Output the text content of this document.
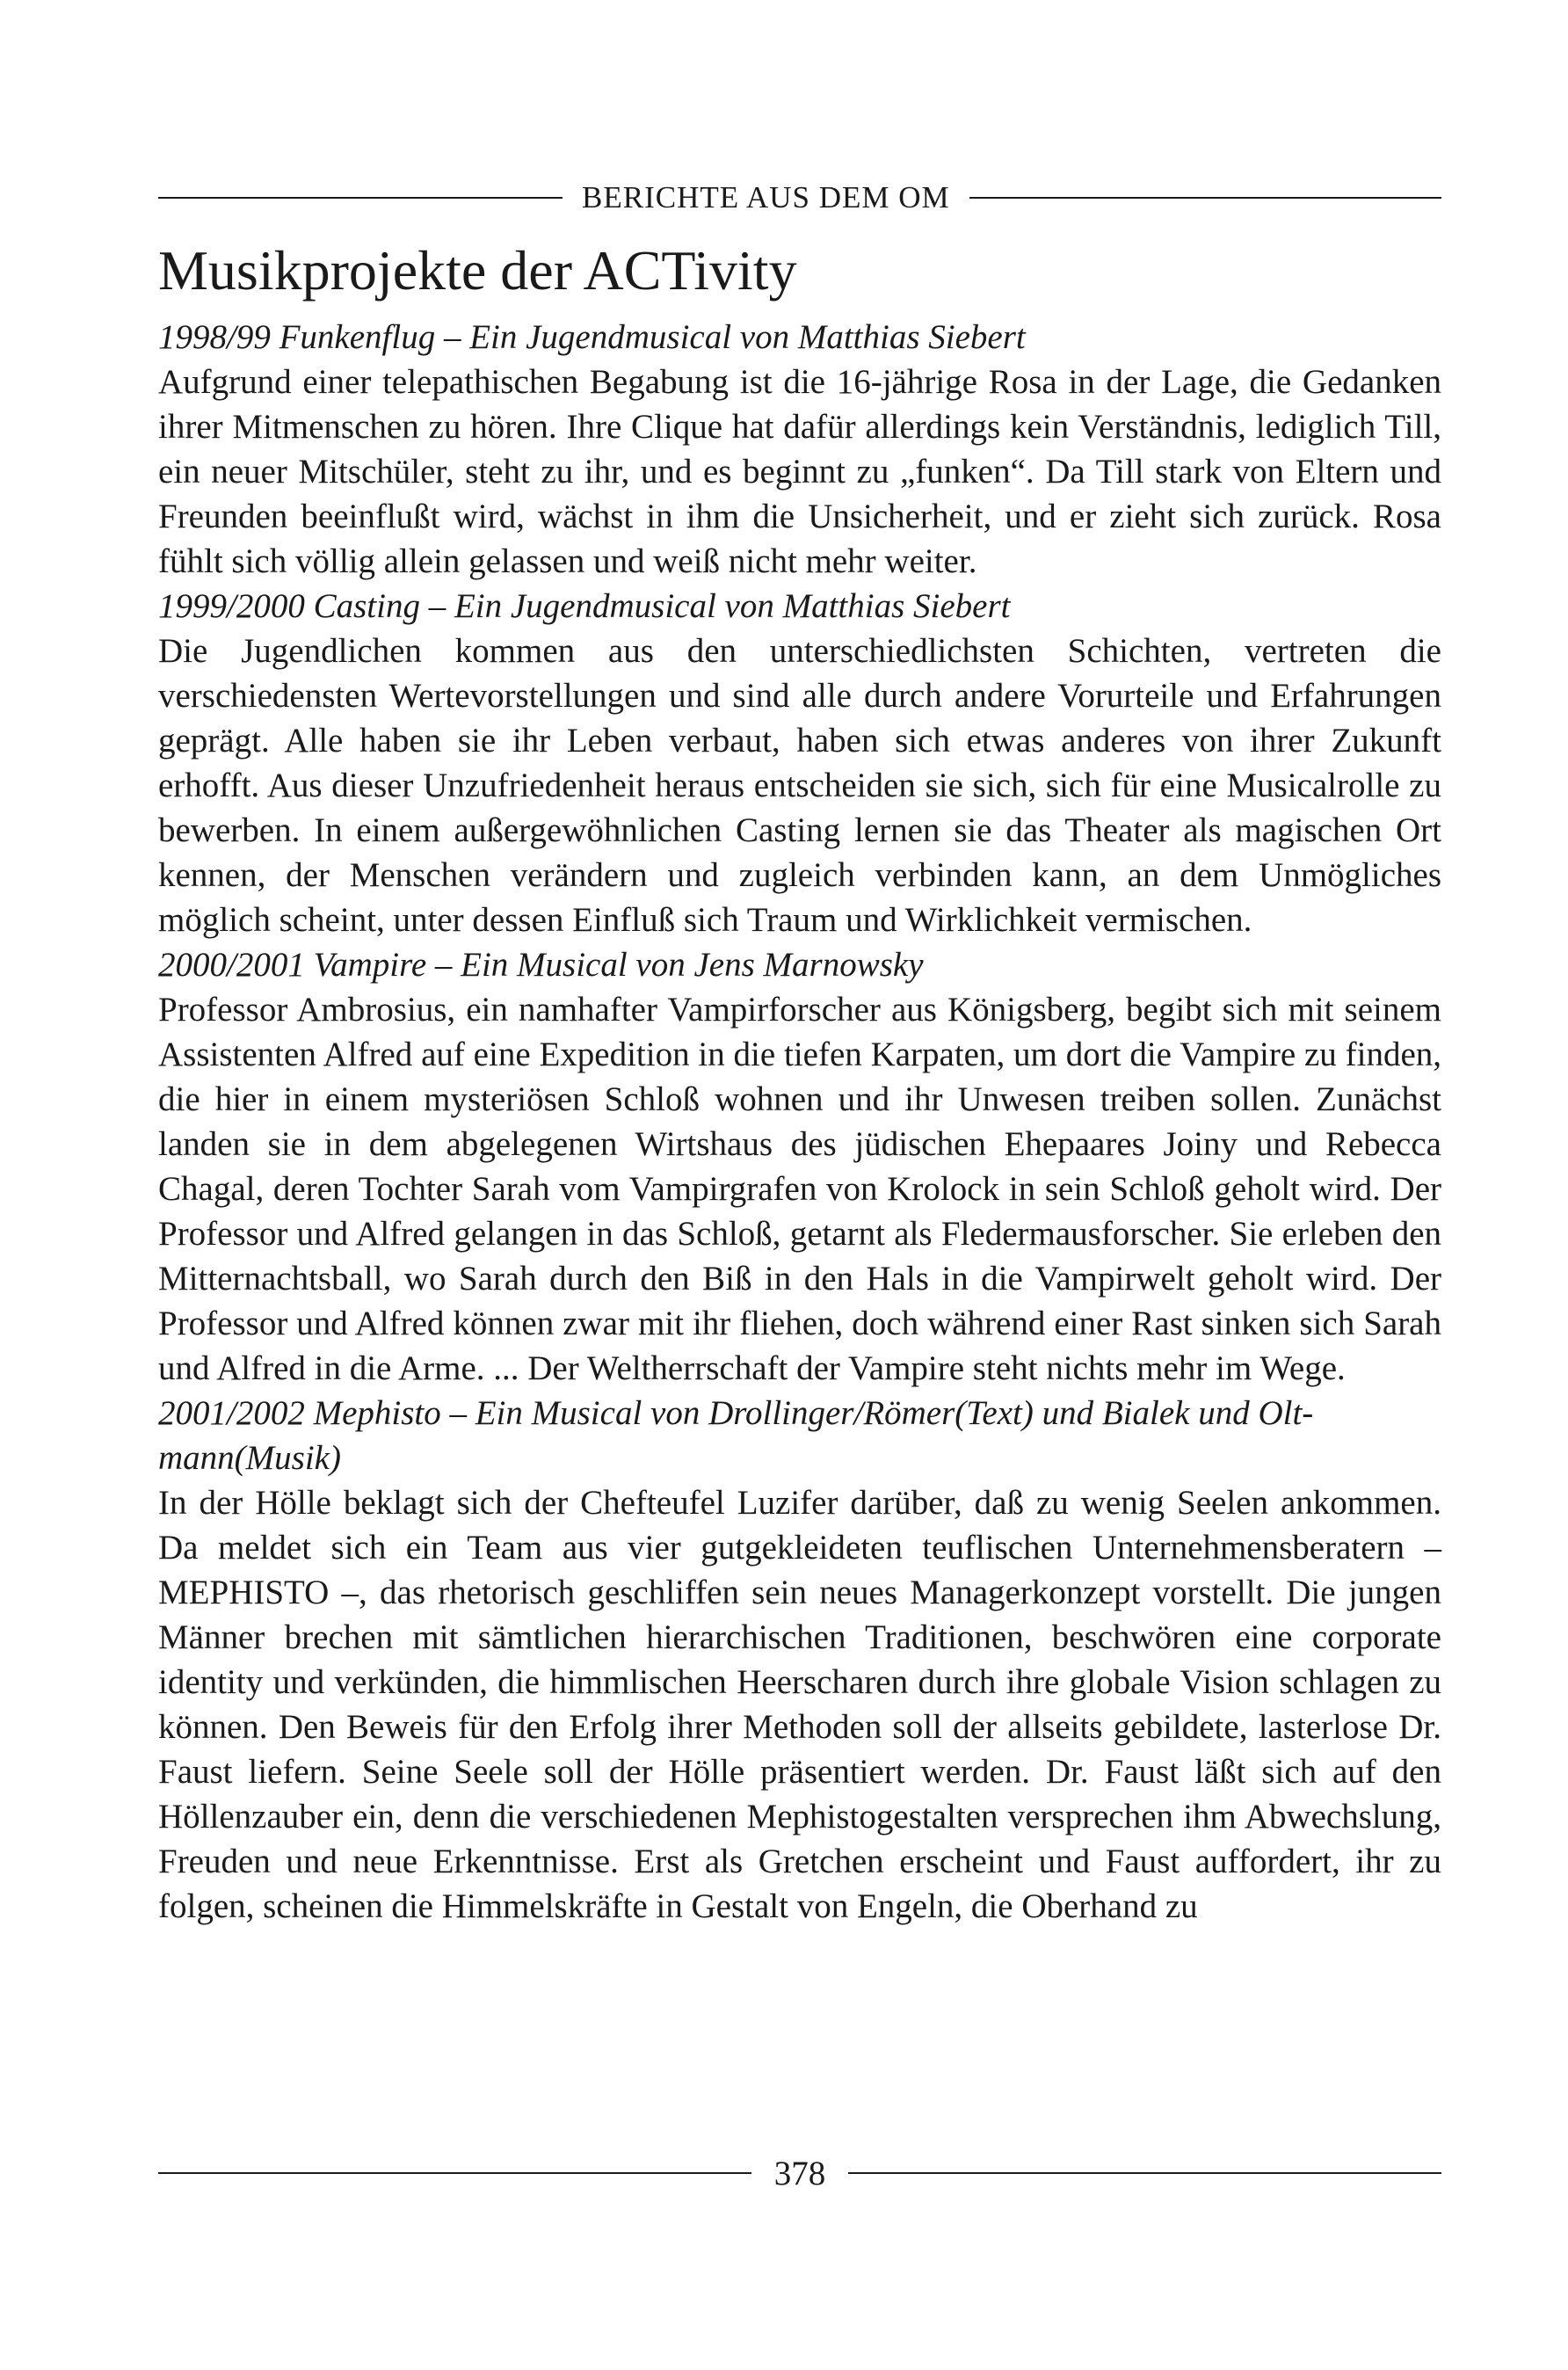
BERICHTE AUS DEM OM
Musikprojekte der ACTivity

1998/99 Funkenflug – Ein Jugendmusical von Matthias Siebert

Aufgrund einer telepathischen Begabung ist die 16-jährige Rosa in der Lage, die Gedanken ihrer Mitmenschen zu hören. Ihre Clique hat dafür allerdings kein Verständnis, lediglich Till, ein neuer Mitschüler, steht zu ihr, und es beginnt zu „funken“. Da Till stark von Eltern und Freunden beeinflußt wird, wächst in ihm die Unsicherheit, und er zieht sich zurück. Rosa fühlt sich völlig allein gelassen und weiß nicht mehr weiter.

1999/2000 Casting – Ein Jugendmusical von Matthias Siebert

Die Jugendlichen kommen aus den unterschiedlichsten Schichten, vertreten die verschiedensten Wertevorstellungen und sind alle durch andere Vorurteile und Erfahrungen geprägt. Alle haben sie ihr Leben verbaut, haben sich etwas anderes von ihrer Zukunft erhofft. Aus dieser Unzufriedenheit heraus entscheiden sie sich, sich für eine Musicalrolle zu bewerben. In einem außergewöhnlichen Casting lernen sie das Theater als magischen Ort kennen, der Menschen verändern und zugleich verbinden kann, an dem Unmögliches möglich scheint, unter dessen Einfluß sich Traum und Wirklichkeit vermischen.

2000/2001 Vampire – Ein Musical von Jens Marnowsky

Professor Ambrosius, ein namhafter Vampirforscher aus Königsberg, begibt sich mit seinem Assistenten Alfred auf eine Expedition in die tiefen Karpaten, um dort die Vampire zu finden, die hier in einem mysteriösen Schloß wohnen und ihr Unwesen treiben sollen. Zunächst landen sie in dem abgelegenen Wirtshaus des jüdischen Ehepaares Joiny und Rebecca Chagal, deren Tochter Sarah vom Vampirgrafen von Krolock in sein Schloß geholt wird. Der Professor und Alfred gelangen in das Schloß, getarnt als Fledermausforscher. Sie erleben den Mitternachtsball, wo Sarah durch den Biß in den Hals in die Vampirwelt geholt wird. Der Professor und Alfred können zwar mit ihr fliehen, doch während einer Rast sinken sich Sarah und Alfred in die Arme. ... Der Weltherrschaft der Vampire steht nichts mehr im Wege.

2001/2002 Mephisto – Ein Musical von Drollinger/Römer(Text) und Bialek und Oltmann(Musik)

In der Hölle beklagt sich der Chefteufel Luzifer darüber, daß zu wenig Seelen ankommen. Da meldet sich ein Team aus vier gutgekleideten teuflischen Unternehmensberatern – MEPHISTO –, das rhetorisch geschliffen sein neues Managerkonzept vorstellt. Die jungen Männer brechen mit sämtlichen hierarchischen Traditionen, beschwören eine corporate identity und verkünden, die himmlischen Heerscharen durch ihre globale Vision schlagen zu können. Den Beweis für den Erfolg ihrer Methoden soll der allseits gebildete, lasterlose Dr. Faust liefern. Seine Seele soll der Hölle präsentiert werden. Dr. Faust läßt sich auf den Höllenzauber ein, denn die verschiedenen Mephistogestalten versprechen ihm Abwechslung, Freuden und neue Erkenntnisse. Erst als Gretchen erscheint und Faust auffordert, ihr zu folgen, scheinen die Himmelskräfte in Gestalt von Engeln, die Oberhand zu

378
